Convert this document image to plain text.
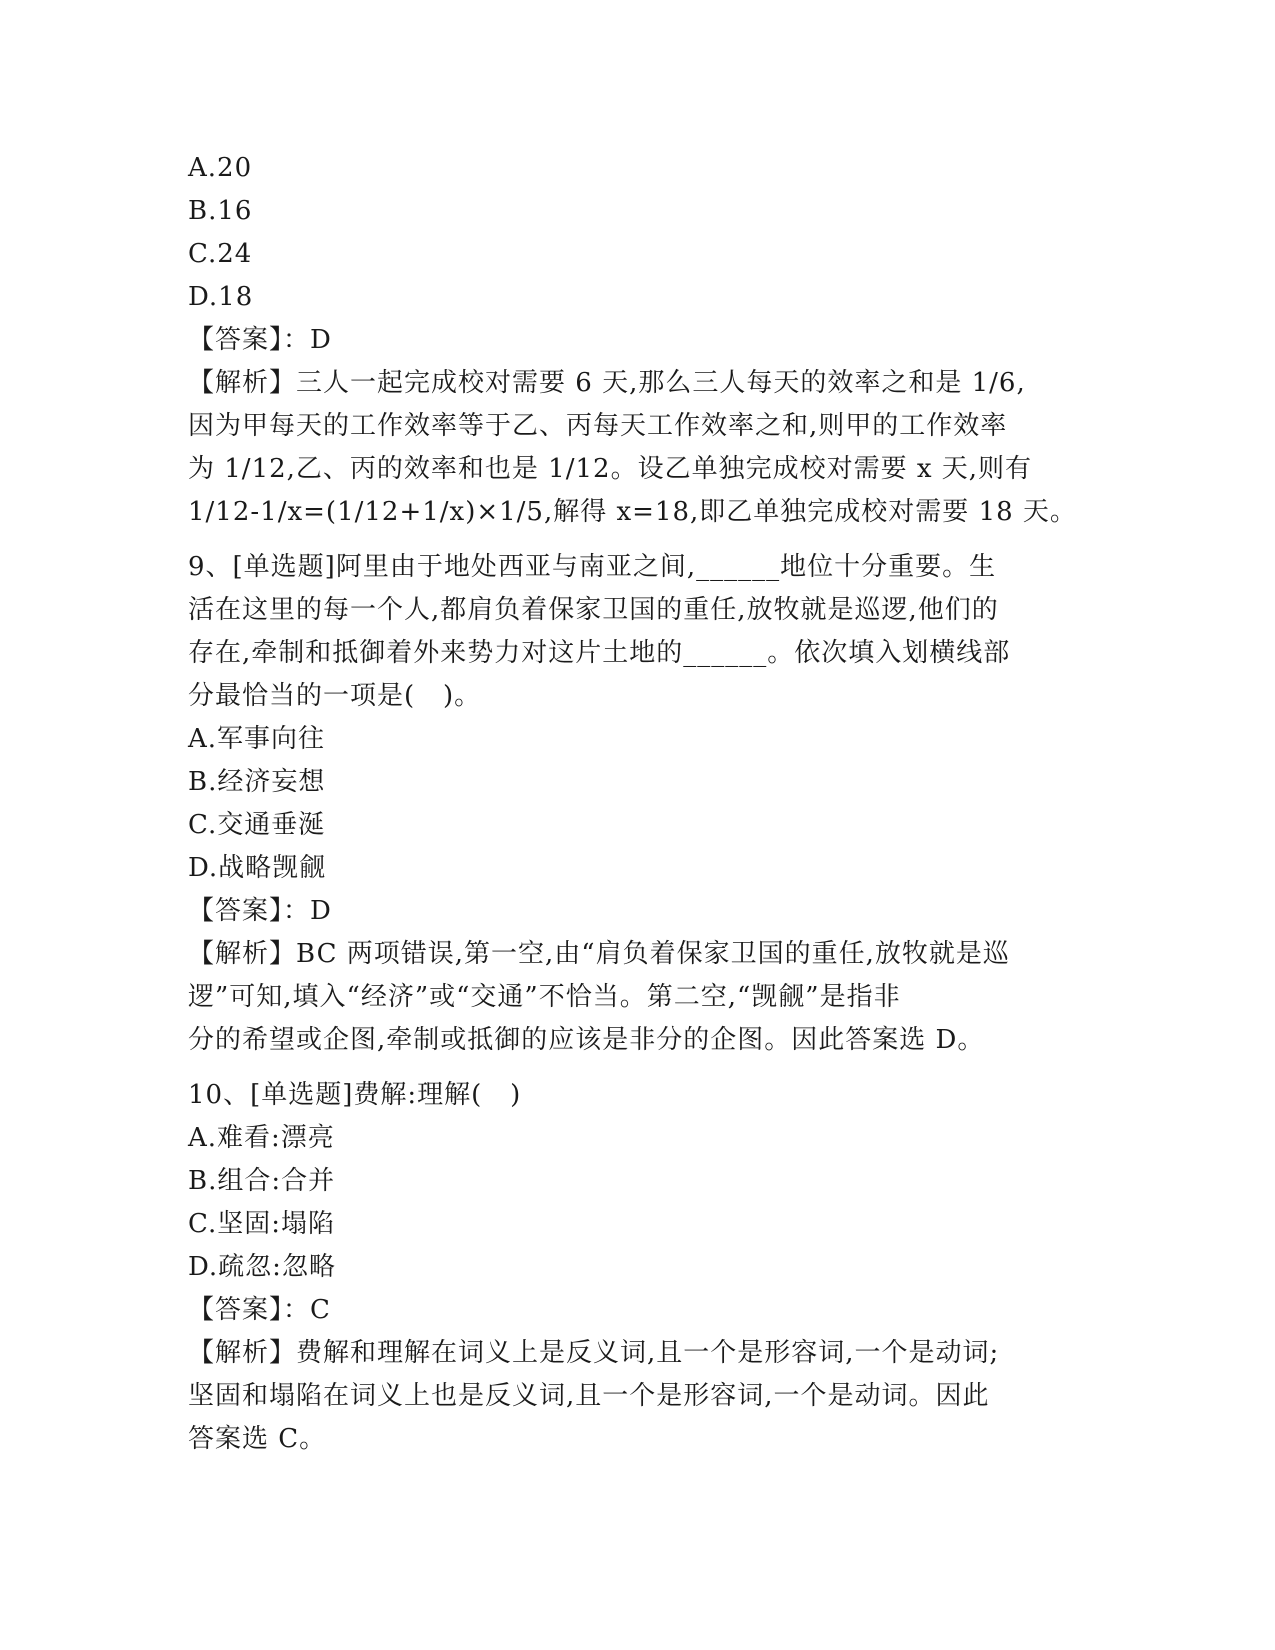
A.20
B.16
C.24
D.18
【答案】：D
【解析】三人一起完成校对需要 6 天,那么三人每天的效率之和是 1/6,
因为甲每天的工作效率等于乙、丙每天工作效率之和,则甲的工作效率
为 1/12,乙、丙的效率和也是 1/12。设乙单独完成校对需要 x 天,则有
1/12-1/x=(1/12+1/x)×1/5,解得 x=18,即乙单独完成校对需要 18 天。
9、[单选题]阿里由于地处西亚与南亚之间,______地位十分重要。生
活在这里的每一个人,都肩负着保家卫国的重任,放牧就是巡逻,他们的
存在,牵制和抵御着外来势力对这片土地的______。依次填入划横线部
分最恰当的一项是(   )。
A.军事向往
B.经济妄想
C.交通垂涎
D.战略觊觎
【答案】：D
【解析】BC 两项错误,第一空,由“肩负着保家卫国的重任,放牧就是巡
逻”可知,填入“经济”或“交通”不恰当。第二空,“觊觎”是指非
分的希望或企图,牵制或抵御的应该是非分的企图。因此答案选 D。
10、[单选题]费解:理解(   )
A.难看:漂亮
B.组合:合并
C.坚固:塌陷
D.疏忽:忽略
【答案】：C
【解析】费解和理解在词义上是反义词,且一个是形容词,一个是动词;
坚固和塌陷在词义上也是反义词,且一个是形容词,一个是动词。因此
答案选 C。
